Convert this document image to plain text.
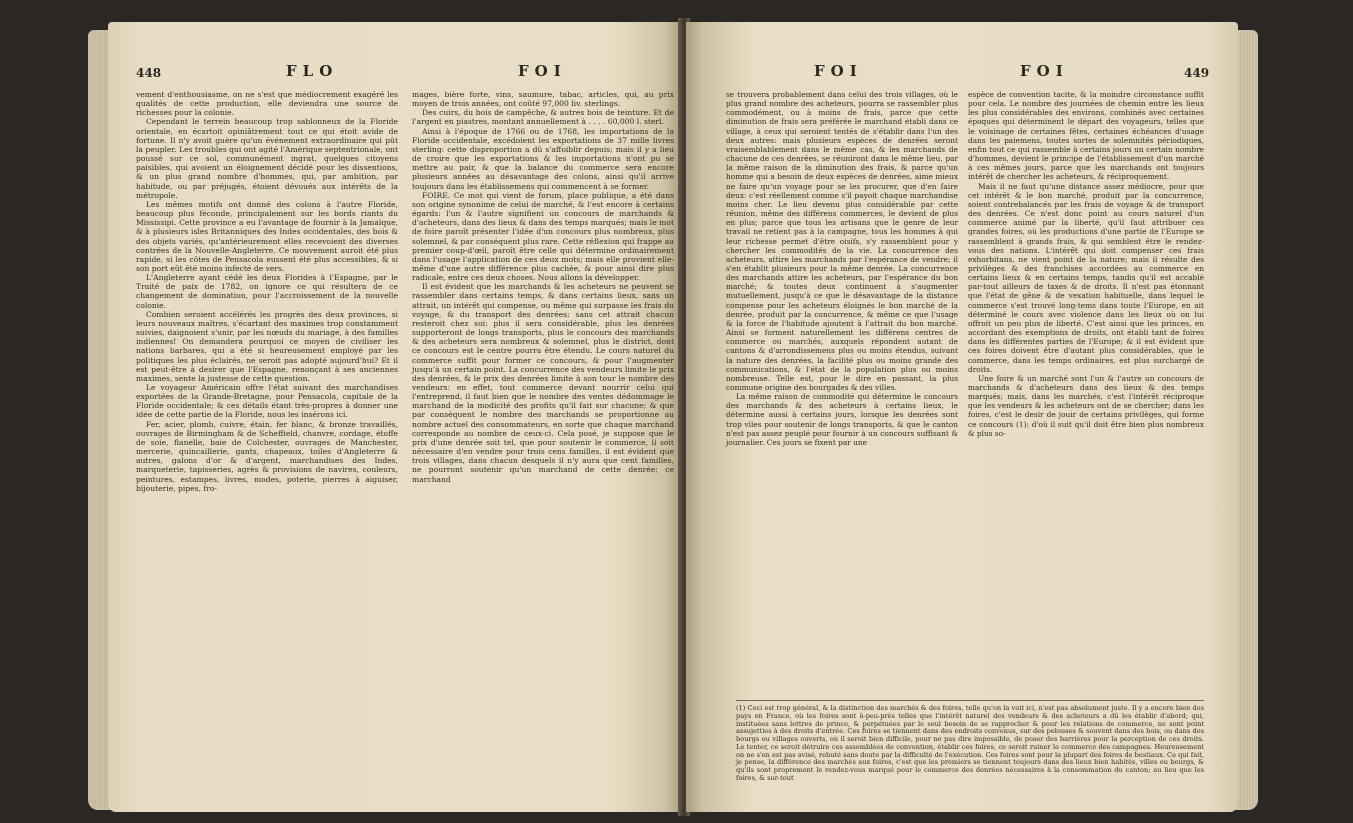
448	FLO	FOI

vement d'enthousiasme, on ne s'est que médiocrement exagéré les qualités de cette production, elle deviendra une source de richesses pour la colonie.

Cependant le terrein beaucoup trop sablonneux de la Floride orientale, en écartoit opiniâtrement tout ce qui étoit avide de fortune. Il n'y avoit guère qu'un événement extraordinaire qui pût la peupler. Les troubles qui ont agité l'Amérique septentrionale, ont poussé sur ce sol, communément ingrat, quelques citoyens paisibles, qui avoient un éloignement décidé pour les dissentions, & un plus grand nombre d'hommes, qui, par ambition, par habitude, ou par préjugés, étoient dévoués aux intérêts de la métropole.

Les mêmes motifs ont donné des colons à l'autre Floride, beaucoup plus féconde, principalement sur les bords riants du Mississipi. Cette province a eu l'avantage de fournir à la Jamaïque, & à plusieurs isles Britanniques des Indes occidentales, des bois & des objets variés, qu'antérieurement elles recevoient des diverses contrées de la Nouvelle-Angleterre. Ce mouvement auroit été plus rapide, si les côtes de Pensacola eussent été plus accessibles, & si son port eût été moins infecté de vers.

L'Angleterre ayant cédé les deux Florides à l'Espagne, par le Traité de paix de 1782, on ignore ce qui résultera de ce changement de domination, pour l'accroissement de la nouvelle colonie.

Combien seroient accélérés les progrès des deux provinces, si leurs nouveaux maîtres, s'écartant des maximes trop constamment suivies, daignoient s'unir, par les nœuds du mariage, à des familles indiennes! On demandera pourquoi ce moyen de civiliser les nations barbares, qui a été si heureusement employé par les politiques les plus éclairés, ne seroit pas adopté aujourd'hui? Et il est peut-être à desirer que l'Espagne, renonçant à ses anciennes maximes, sente la justesse de cette question.

Le voyageur Américain offre l'état suivant des marchandises exportées de la Grande-Bretagne, pour Pensacola, capitale de la Floride occidentale; & ces détails étant très-propres à donner une idée de cette partie de la Floride, nous les insérons ici.

Fer, acier, plomb, cuivre, étain, fer blanc, & bronze travaillés, ouvrages de Birmingham & de Scheffield, chanvre, cordage, étoffe de soie, flanelle, baie de Colchester, ouvrages de Manchester, mercerie, quincaillerie, gants, chapeaux, toiles d'Angleterre & autres, galons d'or & d'argent, marchandises des Indes, marqueterie, tapisseries, agrès & provisions de navires, couleurs, peintures, estampes, livres, modes, poterie, pierres à aiguiser, bijouterie, pipes, fro-

mages, bière forte, vins, saumure, tabac, articles, qui, au prix moyen de trois années, ont coûté 97,000 liv. sterlings.

Des cuirs, du bois de campêche, & autres bois de teinture. Et de l'argent en piastres, montant annuellement à . . . . 60,000 l. sterl.

Ainsi à l'époque de 1766 ou de 1768, les importations de la Floride occidentale, excédoient les exportations de 37 mille livres sterling: cette disproportion a dû s'affoiblir depuis; mais il y a lieu de croire que les exportations & les importations n'ont pu se mettre au pair, & que la balance du commerce sera encore plusieurs années au désavantage des colons, ainsi qu'il arrive toujours dans les établissemens qui commencent à se former.

FOIRE. Ce mot qui vient de forum, place publique, a été dans son origine synonime de celui de marché, & l'est encore à certains égards: l'un & l'autre signifient un concours de marchands & d'acheteurs, dans des lieux & dans des temps marqués; mais le mot de foire paroît présenter l'idée d'un concours plus nombreux, plus solemnel, & par conséquent plus rare. Cette réflexion qui frappe au premier coup-d'œil, paroît être celle qui détermine ordinairement dans l'usage l'application de ces deux mots; mais elle provient elle-même d'une autre différence plus cachée, & pour ainsi dire plus radicale, entre ces deux choses. Nous allons la développer.

Il est évident que les marchands & les acheteurs ne peuvent se rassembler dans certains temps, & dans certains lieux, sans un attrait, un intérêt qui compense, ou même qui surpasse les frais du voyage, & du transport des denrées; sans cet attrait chacun resteroit chez soi: plus il sera considérable, plus les denrées supporteront de longs transports, plus le concours des marchands & des acheteurs sera nombreux & solemnel, plus le district, dont ce concours est le centre pourra être étendu. Le cours naturel du commerce suffit pour former ce concours, & pour l'augmenter jusqu'à un certain point. La concurrence des vendeurs limite le prix des denrées, & le prix des denrées limite à son tour le nombre des vendeurs: en effet, tout commerce devant nourrir celui qui l'entreprend, il faut bien que le nombre des ventes dédommage le marchand de la modicité des profits qu'il fait sur chacune; & que par conséquent le nombre des marchands se proportionne au nombre actuel des consommateurs, en sorte que chaque marchand corresponde au nombre de ceux-ci. Cela posé, je suppose que le prix d'une denrée soit tel, que pour soutenir le commerce, il soit nécessaire d'en vendre pour trois cens familles, il est évident que trois villages, dans chacun desquels il n'y aura que cent familles, ne pourront soutenir qu'un marchand de cette denrée; ce marchand

FOI	FOI	449

se trouvera probablement dans celui des trois villages, où le plus grand nombre des acheteurs, pourra se rassembler plus commodément, ou à moins de frais, parce que cette diminution de frais sera préférée le marchand établi dans ce village, à ceux qui seroient tentés de s'établir dans l'un des deux autres: mais plusieurs espèces de denrées seront vraisemblablement dans le même cas, & les marchands de chacune de ces denrées, se réuniront dans le même lieu, par la même raison de la diminution des frais, & parce qu'un homme qui a besoin de deux espèces de denrées, aime mieux ne faire qu'un voyage pour se les procurer, que d'en faire deux: c'est réellement comme s'il payoit chaque marchandise moins cher. Le lieu devenu plus considérable par cette réunion, même des différens commerces, le devient de plus en plus; parce que tous les artisans que le genre de leur travail ne retient pas à la campagne, tous les hommes à qui leur richesse permet d'être oisifs, s'y rassemblent pour y chercher les commodités de la vie. La concurrence des acheteurs, attire les marchands par l'espérance de vendre; il s'en établit plusieurs pour la même denrée. La concurrence des marchands attire les acheteurs, par l'espérance du bon marché; & toutes deux continuent à s'augmenter mutuellement, jusqu'à ce que le désavantage de la distance compense pour les acheteurs éloignés le bon marché de la denrée, produit par la concurrence, & même ce que l'usage & la force de l'habitude ajoutent à l'attrait du bon marché. Ainsi se forment naturellement les différens centres de commerce ou marchés, auxquels répondent autant de cantons & d'arrondissemens plus ou moins étendus, suivant la nature des denrées, la facilité plus ou moins grande des communications, & l'état de la population plus ou moins nombreuse. Telle est, pour le dire en passant, la plus commune origine des bourgades & des villes.

La même raison de commodité qui détermine le concours des marchands & des acheteurs à certains lieux, le détermine aussi à certains jours, lorsque les denrées sont trop viles pour soutenir de longs transports, & que le canton n'est pas assez peuplé pour fournir à un concours suffisant & journalier. Ces jours se fixent par une

espèce de convention tacite, & la moindre circonstance suffit pour cela. Le nombre des journées de chemin entre les lieux les plus considérables des environs, combinés avec certaines époques qui déterminent le départ des voyageurs, telles que le voisinage de certaines fêtes, certaines échéances d'usage dans les paiemens, toutes sortes de solemnités périodiques, enfin tout ce qui rassemble à certains jours un certain nombre d'hommes, devient le principe de l'établissement d'un marché à ces mêmes jours, parce que les marchands ont toujours intérêt de chercher les acheteurs, & réciproquement.

Mais il ne faut qu'une distance assez médiocre, pour que cet intérêt & le bon marché, produit par la concurrence, soient contrebalancés par les frais de voyage & de transport des denrées. Ce n'est donc point au cours naturel d'un commerce animé par la liberté, qu'il faut attribuer ces grandes foires, où les productions d'une partie de l'Europe se rassemblent à grands frais, & qui semblent être le rendez-vous des nations. L'intérêt qui doit compenser ces frais exhorbitans, ne vient point de la nature; mais il résulte des privilèges & des franchises accordées au commerce en certains lieux & en certains temps, tandis qu'il est accablé par-tout ailleurs de taxes & de droits. Il n'est pas étonnant que l'état de gêne & de vexation habituelle, dans lequel le commerce s'est trouvé long-tems dans toute l'Europe, en ait déterminé le cours avec violence dans les lieux où on lui offroit un peu plus de liberté. C'est ainsi que les princes, en accordant des exemptions de droits, ont établi tant de foires dans les différentes parties de l'Europe; & il est évident que ces foires doivent être d'autant plus considérables, que le commerce, dans les temps ordinaires, est plus surchargé de droits.

Une foire & un marché sont l'un & l'autre un concours de marchands & d'acheteurs dans des lieux & des temps marqués; mais, dans les marchés, c'est l'intérêt réciproque que les vendeurs & les acheteurs ont de se chercher; dans les foires, c'est le desir de jouir de certains privilèges, qui forme ce concours (1): d'où il suit qu'il doit être bien plus nombreux & plus so-

(1) Ceci est trop général, & la distinction des marchés & des foires, telle qu'on la voit ici, n'est pas absolument juste. Il y a encore bien des pays en France, où les foires sont à-peu-près telles que l'intérêt naturel des vendeurs & des acheteurs a dû les établir d'abord; qui, instituées sans lettres de prince, & perpétuées par le seul besoin de se rapprocher & pour les relations de commerce, ne sont point assujetties à des droits d'entrée. Ces foires se tiennent dans des endroits convenus, sur des pelouses & souvent dans des bois, ou dans des bourgs ou villages ouverts, où il seroit bien difficile, pour ne pas dire impossible, de poser des barrières pour la perception de ces droits. Le tenter, ce seroit détruire ces assemblées de convention, établir ces foires, ce seroit ruiner le commerce des campagnes. Heureusement on ne s'en est pas avisé, rebuté sans doute par la difficulté de l'exécution. Ces foires sont pour la plupart des foires de bestiaux. Ce qui fait, je pense, la différence des marchés aux foires, c'est que les premiers se tiennent toujours dans des lieux bien habités, villes ou bourgs, & qu'ils sont proprement le rendez-vous marqué pour le commerce des denrées nécessaires à la consommation du canton; au lieu que les foires, & sur-tout
